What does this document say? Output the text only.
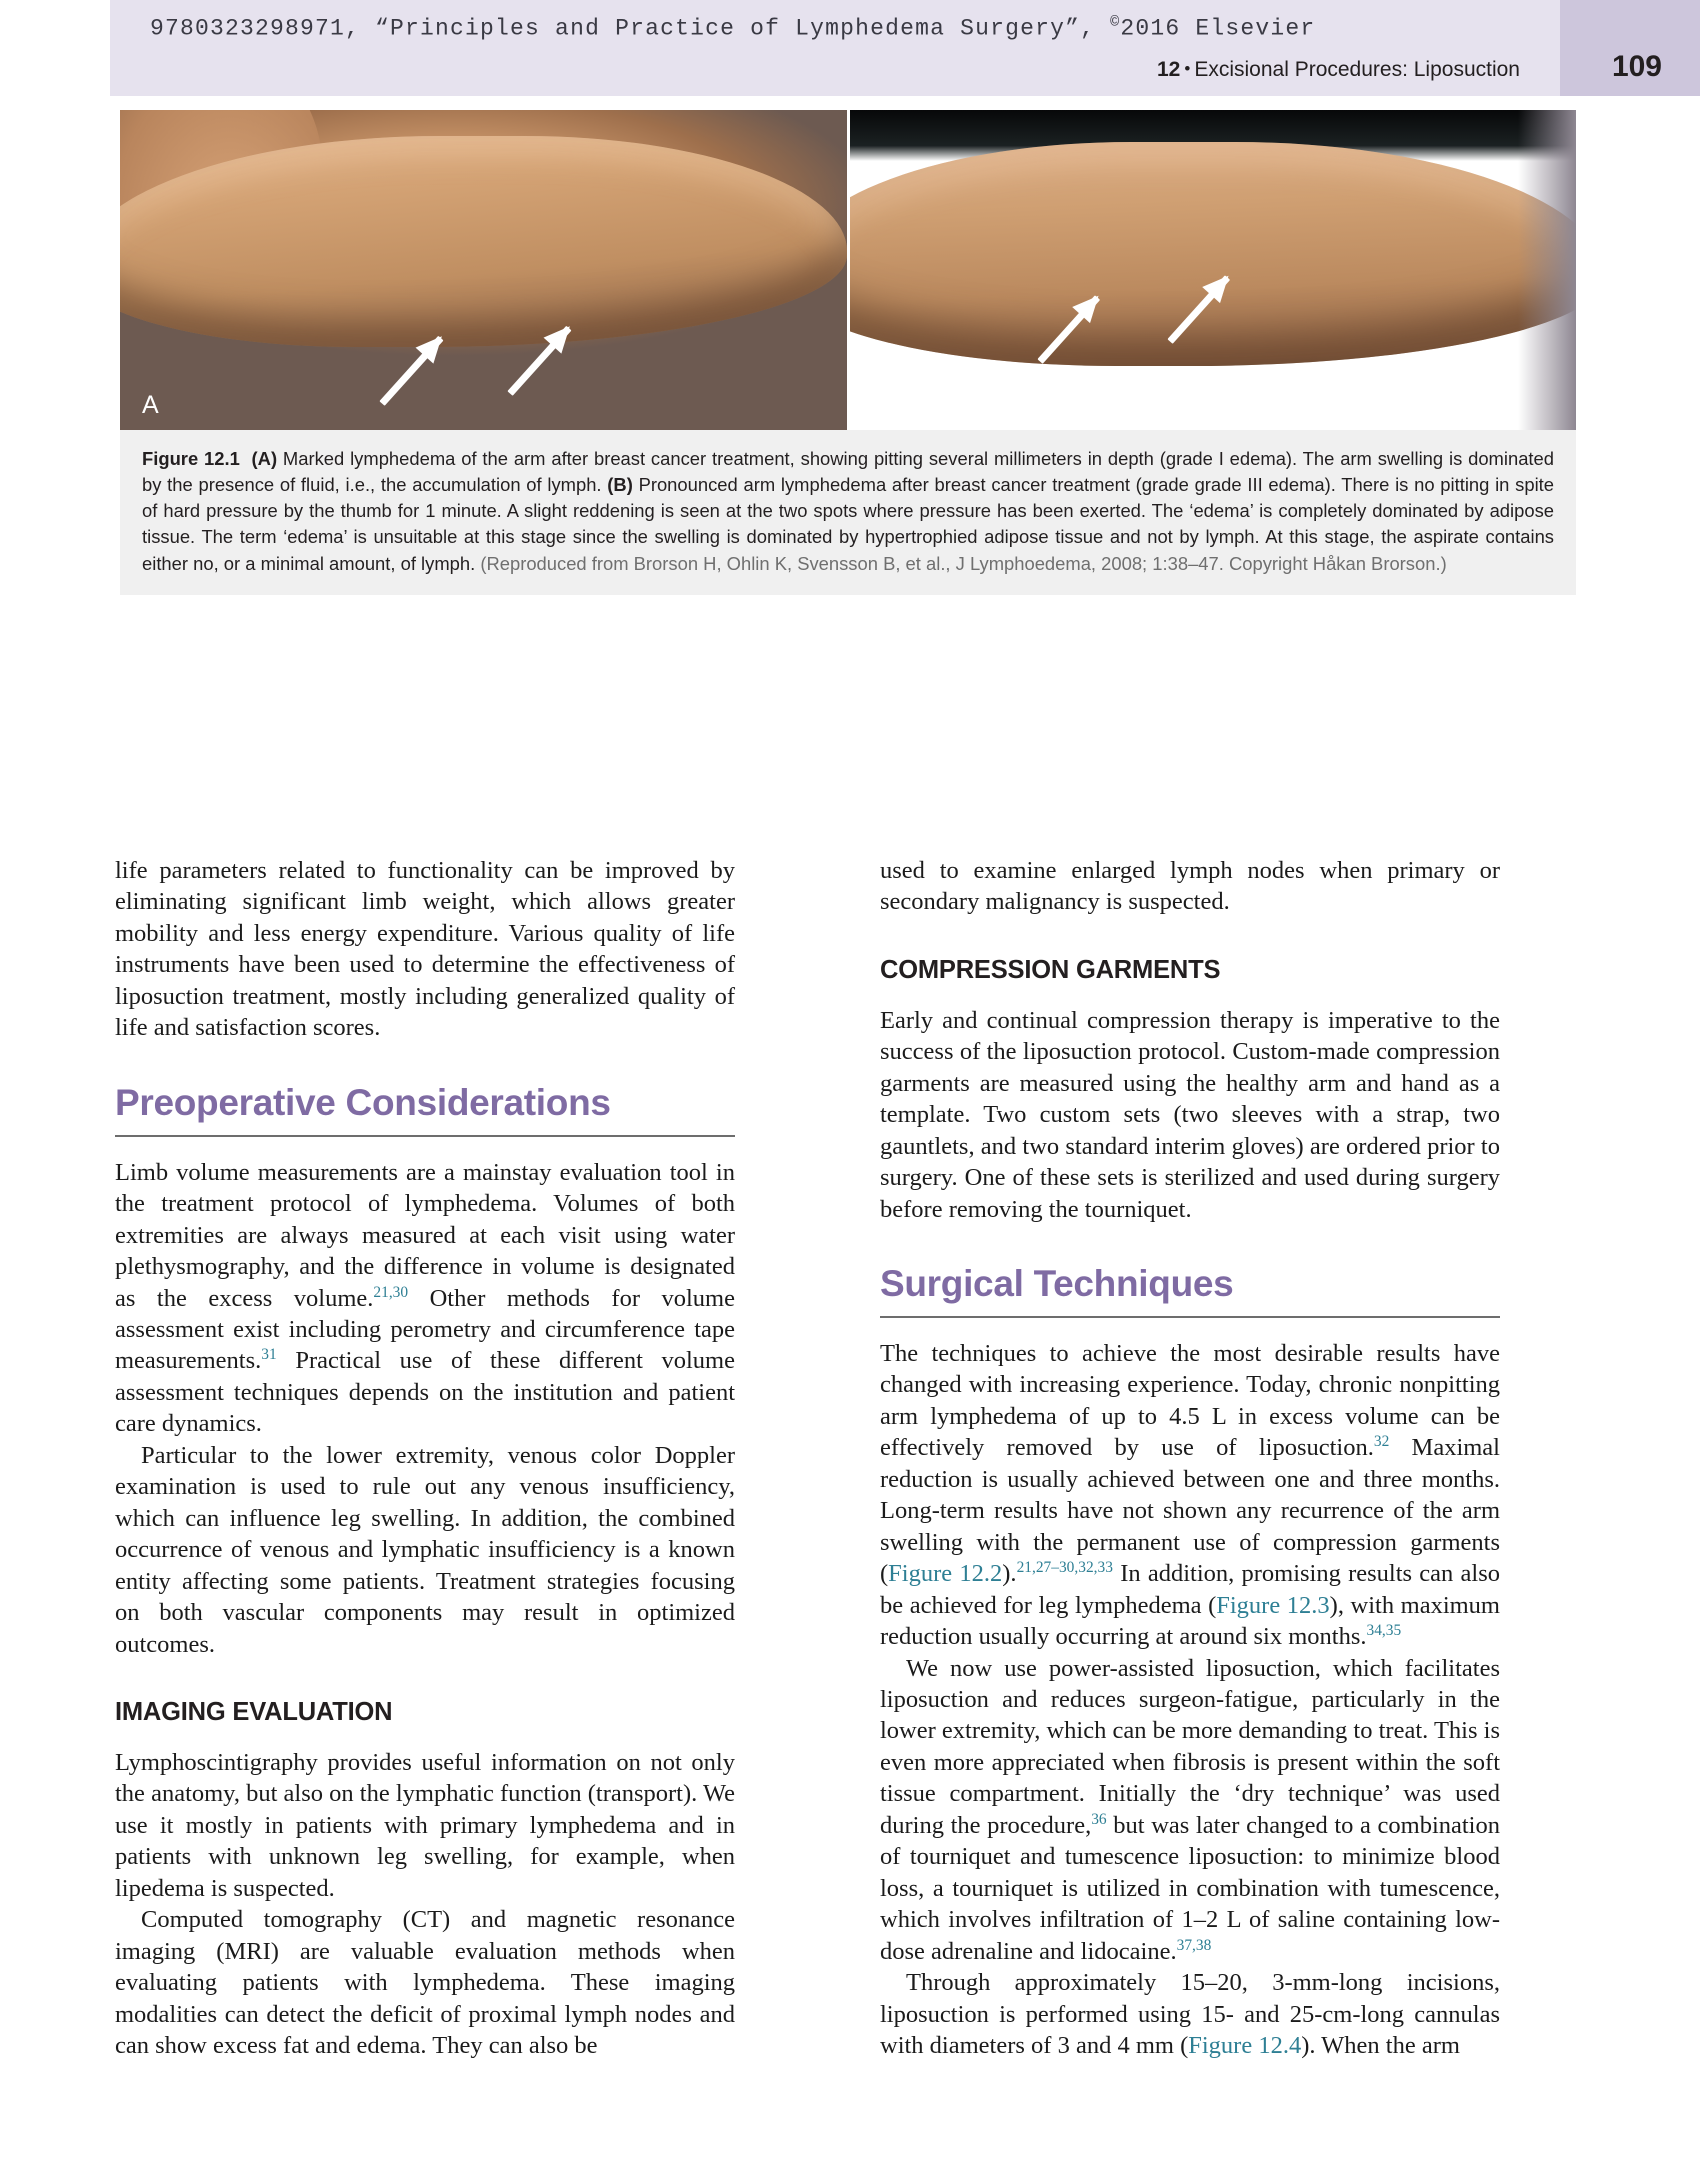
9780323298971, “Principles and Practice of Lymphedema Surgery”, ©2016 Elsevier
12 • Excisional Procedures: Liposuction	109
A	B
Figure 12.1 (A) Marked lymphedema of the arm after breast cancer treatment, showing pitting several millimeters in depth (grade I edema). The arm swelling is dominated by the presence of fluid, i.e., the accumulation of lymph. (B) Pronounced arm lymphedema after breast cancer treatment (grade grade III edema). There is no pitting in spite of hard pressure by the thumb for 1 minute. A slight reddening is seen at the two spots where pressure has been exerted. The ‘edema’ is completely dominated by adipose tissue. The term ‘edema’ is unsuitable at this stage since the swelling is dominated by hypertrophied adipose tissue and not by lymph. At this stage, the aspirate contains either no, or a minimal amount, of lymph. (Reproduced from Brorson H, Ohlin K, Svensson B, et al., J Lymphoedema, 2008; 1:38–47. Copyright Håkan Brorson.)

life parameters related to functionality can be improved by eliminating significant limb weight, which allows greater mobility and less energy expenditure. Various quality of life instruments have been used to determine the effectiveness of liposuction treatment, mostly including generalized quality of life and satisfaction scores.

Preoperative Considerations

Limb volume measurements are a mainstay evaluation tool in the treatment protocol of lymphedema. Volumes of both extremities are always measured at each visit using water plethysmography, and the difference in volume is designated as the excess volume.$^{21,30}$ Other methods for volume assessment exist including perometry and circumference tape measurements.$^{31}$ Practical use of these different volume assessment techniques depends on the institution and patient care dynamics.

Particular to the lower extremity, venous color Doppler examination is used to rule out any venous insufficiency, which can influence leg swelling. In addition, the combined occurrence of venous and lymphatic insufficiency is a known entity affecting some patients. Treatment strategies focusing on both vascular components may result in optimized outcomes.

IMAGING EVALUATION

Lymphoscintigraphy provides useful information on not only the anatomy, but also on the lymphatic function (transport). We use it mostly in patients with primary lymphedema and in patients with unknown leg swelling, for example, when lipedema is suspected.

Computed tomography (CT) and magnetic resonance imaging (MRI) are valuable evaluation methods when evaluating patients with lymphedema. These imaging modalities can detect the deficit of proximal lymph nodes and can show excess fat and edema. They can also be

used to examine enlarged lymph nodes when primary or secondary malignancy is suspected.

COMPRESSION GARMENTS

Early and continual compression therapy is imperative to the success of the liposuction protocol. Custom-made compression garments are measured using the healthy arm and hand as a template. Two custom sets (two sleeves with a strap, two gauntlets, and two standard interim gloves) are ordered prior to surgery. One of these sets is sterilized and used during surgery before removing the tourniquet.

Surgical Techniques

The techniques to achieve the most desirable results have changed with increasing experience. Today, chronic nonpitting arm lymphedema of up to 4.5 L in excess volume can be effectively removed by use of liposuction.$^{32}$ Maximal reduction is usually achieved between one and three months. Long-term results have not shown any recurrence of the arm swelling with the permanent use of compression garments (Figure 12.2).$^{21,27-30,32,33}$ In addition, promising results can also be achieved for leg lymphedema (Figure 12.3), with maximum reduction usually occurring at around six months.$^{34,35}$

We now use power-assisted liposuction, which facilitates liposuction and reduces surgeon-fatigue, particularly in the lower extremity, which can be more demanding to treat. This is even more appreciated when fibrosis is present within the soft tissue compartment. Initially the ‘dry technique’ was used during the procedure,$^{36}$ but was later changed to a combination of tourniquet and tumescence liposuction: to minimize blood loss, a tourniquet is utilized in combination with tumescence, which involves infiltration of 1–2 L of saline containing low-dose adrenaline and lidocaine.$^{37,38}$

Through approximately 15–20, 3-mm-long incisions, liposuction is performed using 15- and 25-cm-long cannulas with diameters of 3 and 4 mm (Figure 12.4). When the arm
